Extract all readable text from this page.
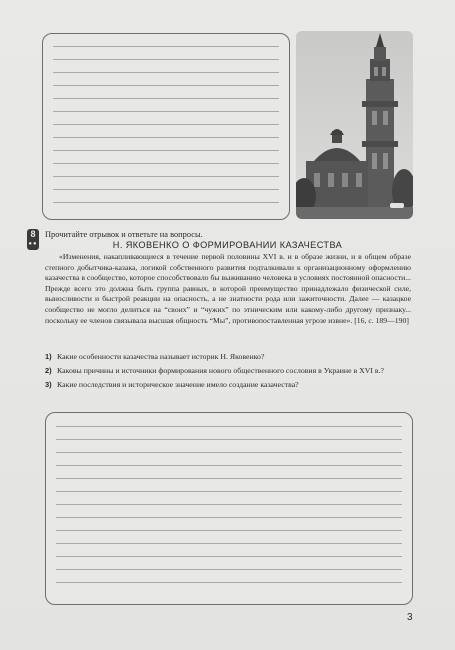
8
●●
Прочитайте отрывок и ответьте на вопросы.
Н. ЯКОВЕНКО О ФОРМИРОВАНИИ КАЗАЧЕСТВА
«Изменения, накапливающиеся в течение первой половины XVI в. и в образе жизни, и в общем образе степного добытчика-казака, логикой собственного развития подталкивали к организационному оформлению казачества в сообщество, которое способствовало бы выживанию человека в условиях постоянной опасности... Прежде всего это должна быть группа равных, в которой преимущество принадлежало физической силе, выносливости и быстрой реакции на опасность, а не знатности рода или зажиточности. Далее — казацкое сообщество не могло делиться на “своих” и “чужих” по этническим или какому-либо другому признаку... поскольку ее членов связывала высшая общность “Мы”, противопоставленная угрозе извне». [16, с. 189—190]
1) Какие особенности казачества называет историк Н. Яковенко?
2) Каковы причины и источники формирования нового общественного сословия в Украине в XVI в.?
3) Какие последствия и историческое значение имело создание казачества?
3
